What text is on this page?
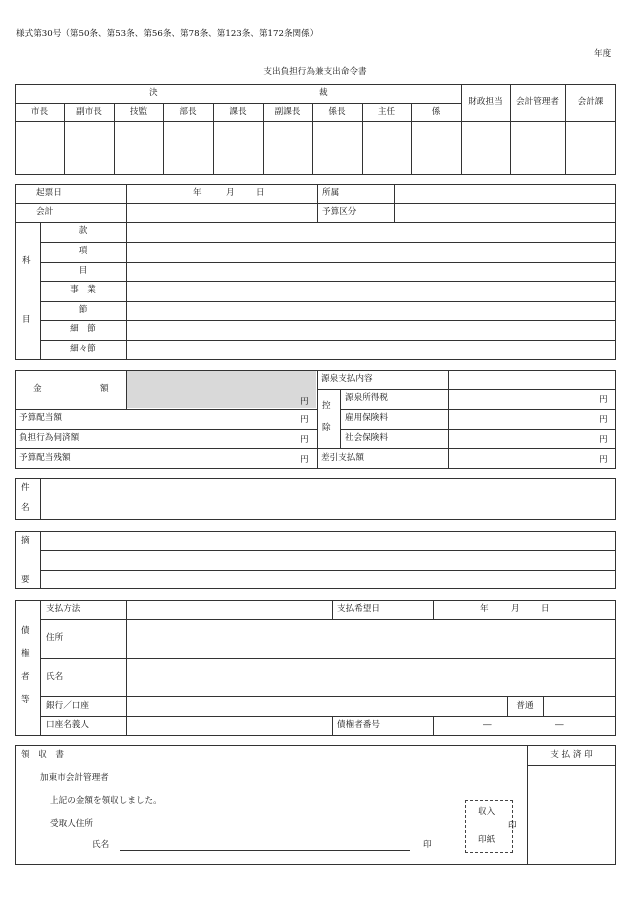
様式第30号（第50条、第53条、第56条、第78条、第123条、第172条関係）
年度
支出負担行為兼支出命令書
決	裁
市長	副市長	技監	部長	課長	副課長	係長	主任	係
財政担当	会計管理者	会計課
起票日	年	月 日	所属
会計	予算区分
科
目
款
項
目
事　業
節
細　節
細々節
金	額
円
予算配当額	円
負担行為伺済額	円
予算配当残額	円
源泉支払内容
控
除
源泉所得税	円
雇用保険料	円
社会保険料	円
差引支払額	円
件
名
摘
要
債
権
者
等
支払方法	支払希望日	年	月 日
住所
氏名
銀行／口座	普通
口座名義人	債権者番号	―	―
領　収　書
加東市会計管理者
上記の金額を領収しました。
受取人住所
氏名	印
収入
印
印紙
支 払 済 印
